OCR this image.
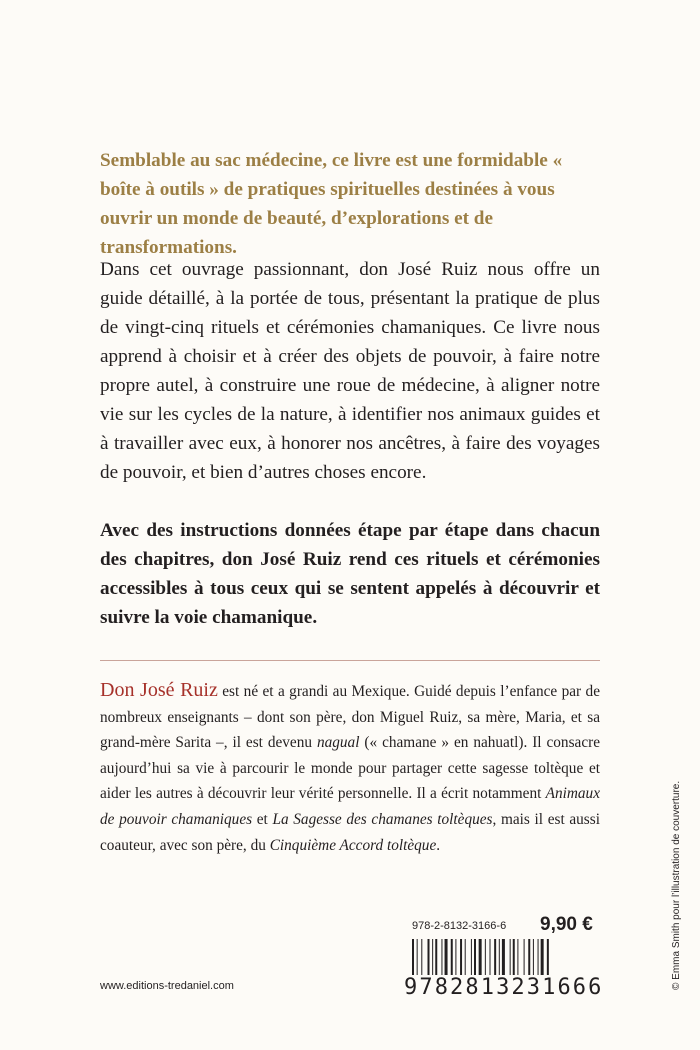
Semblable au sac médecine, ce livre est une formidable « boîte à outils » de pratiques spirituelles destinées à vous ouvrir un monde de beauté, d’explorations et de transformations.

Dans cet ouvrage passionnant, don José Ruiz nous offre un guide détaillé, à la portée de tous, présentant la pratique de plus de vingt-cinq rituels et cérémonies chamaniques. Ce livre nous apprend à choisir et à créer des objets de pouvoir, à faire notre propre autel, à construire une roue de médecine, à aligner notre vie sur les cycles de la nature, à identifier nos animaux guides et à travailler avec eux, à honorer nos ancêtres, à faire des voyages de pouvoir, et bien d’autres choses encore.

Avec des instructions données étape par étape dans chacun des chapitres, don José Ruiz rend ces rituels et cérémonies accessibles à tous ceux qui se sentent appelés à découvrir et suivre la voie chamanique.

Don José Ruiz est né et a grandi au Mexique. Guidé depuis l’enfance par de nombreux enseignants – dont son père, don Miguel Ruiz, sa mère, Maria, et sa grand-mère Sarita –, il est devenu nagual (« chamane » en nahuatl). Il consacre aujourd’hui sa vie à parcourir le monde pour partager cette sagesse toltèque et aider les autres à découvrir leur vérité personnelle. Il a écrit notamment Animaux de pouvoir chamaniques et La Sagesse des chamanes toltèques, mais il est aussi coauteur, avec son père, du Cinquième Accord toltèque.	© Emma Smith pour l’illustration de couverture.
978-2-8132-3166-6 9,90 €
9782813231666
www.editions-tredaniel.com
